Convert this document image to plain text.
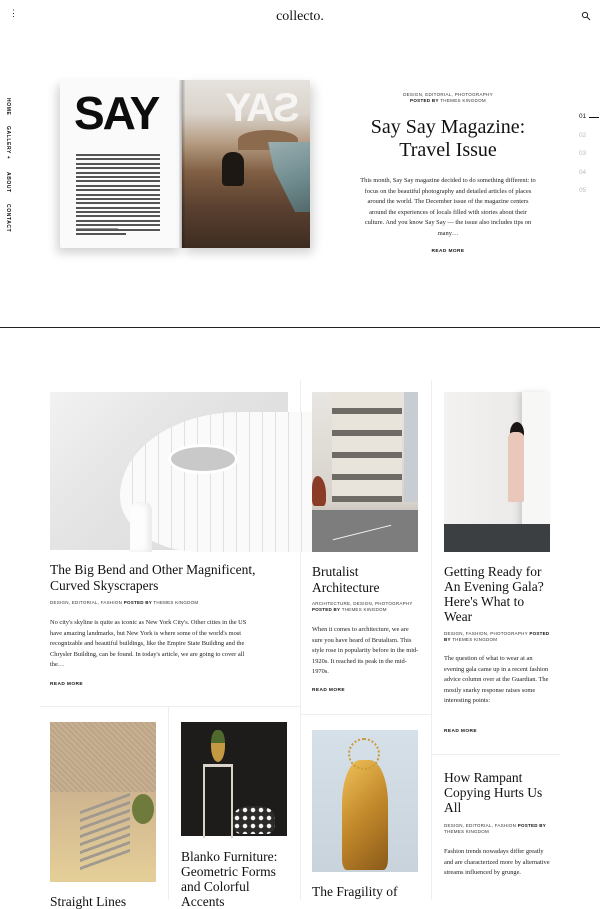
⋮	collecto.
HOME
GALLERY +
ABOUT
CONTACT
SAY SAY	DESIGN, EDITORIAL, PHOTOGRAPHY
POSTED BY THEMES KINGDOM
Say Say Magazine: Travel Issue
This month, Say Say magazine decided to do something different: to focus on the beautiful photography and detailed articles of places around the world. The December issue of the magazine centers around the experiences of locals filled with stories about their culture. And you know Say Say — the issue also includes tips on many…
READ MORE
01
02
03
04
05
The Big Bend and Other Magnificent, Curved Skyscrapers
DESIGN, EDITORIAL, FASHION POSTED BY THEMES KINGDOM
No city's skyline is quite as iconic as New York City's. Other cities in the US have amazing landmarks, but New York is where some of the world's most recognizable and beautiful buildings, like the Empire State Building and the Chrysler Building, can be found. In today's article, we are going to cover all the…
READ MORE
Brutalist Architecture
ARCHITECTURE, DESIGN, PHOTOGRAPHY POSTED BY THEMES KINGDOM
When it comes to architecture, we are sure you have heard of Brutalism. This style rose in popularity before in the mid-1920s. It reached its peak in the mid-1970s.
READ MORE
Getting Ready for An Evening Gala? Here's What to Wear
DESIGN, FASHION, PHOTOGRAPHY POSTED BY THEMES KINGDOM
The question of what to wear at an evening gala came up in a recent fashion advice column over at the Guardian. The mostly snarky response raises some interesting points:
READ MORE
How Rampant Copying Hurts Us All
DESIGN, EDITORIAL, FASHION POSTED BY THEMES KINGDOM
Fashion trends nowadays differ greatly and are characterized more by alternative streams influenced by grunge.
Straight Lines
Blanko Furniture: Geometric Forms and Colorful Accents
The Fragility of
